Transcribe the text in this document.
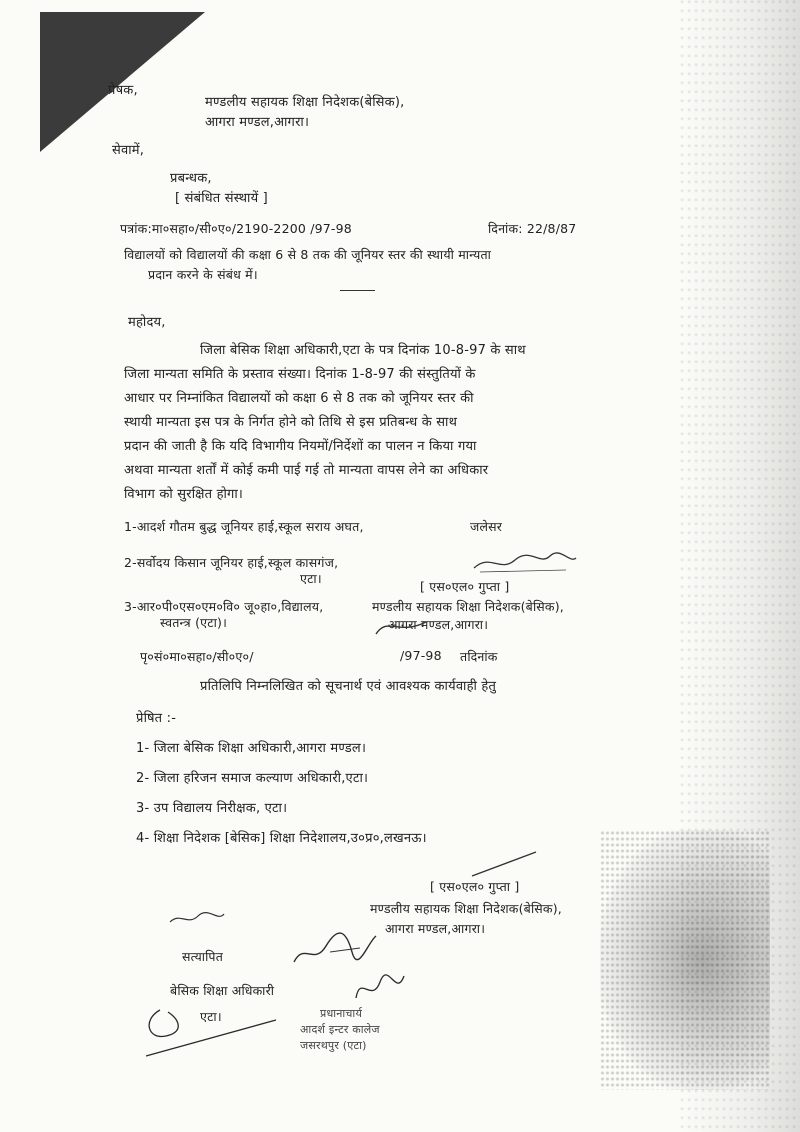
प्रेषक,
मण्डलीय सहायक शिक्षा निदेशक(बेसिक),
आगरा मण्डल,आगरा।
सेवामें,
प्रबन्धक,
[ संबंधित संस्थायें ]
पत्रांक:मा०सहा०/सी०ए०/2190-2200 /97-98	दिनांक: 22/8/87
विद्यालयों को विद्यालयों की कक्षा 6 से 8 तक की जूनियर स्तर की स्थायी मान्यता
प्रदान करने के संबंध में।
महोदय,
जिला बेसिक शिक्षा अधिकारी,एटा के पत्र दिनांक 10-8-97 के साथ
जिला मान्यता समिति के प्रस्ताव संख्या। दिनांक 1-8-97 की संस्तुतियों के
आधार पर निम्नांकित विद्यालयों को कक्षा 6 से 8 तक को जूनियर स्तर की
स्थायी मान्यता इस पत्र के निर्गत होने को तिथि से इस प्रतिबन्ध के साथ
प्रदान की जाती है कि यदि विभागीय नियमों/निर्देशों का पालन न किया गया
अथवा मान्यता शर्तों में कोई कमी पाई गई तो मान्यता वापस लेने का अधिकार
विभाग को सुरक्षित होगा।
1-आदर्श गौतम बुद्ध जूनियर हाई,स्कूल सराय अघत,	जलेसर
2-सर्वोदय किसान जूनियर हाई,स्कूल कासगंज,
एटा।
3-आर०पी०एस०एम०वि० जू०हा०,विद्यालय,
स्वतन्त्र (एटा)।
[ एस०एल० गुप्ता ]
मण्डलीय सहायक शिक्षा निदेशक(बेसिक),
आगरा मण्डल,आगरा।
पृ०सं०मा०सहा०/सी०ए०/	/97-98 तदिनांक
प्रतिलिपि निम्नलिखित को सूचनार्थ एवं आवश्यक कार्यवाही हेतु
प्रेषित :-
1- जिला बेसिक शिक्षा अधिकारी,आगरा मण्डल।
2- जिला हरिजन समाज कल्याण अधिकारी,एटा।
3- उप विद्यालय निरीक्षक, एटा।
4- शिक्षा निदेशक [बेसिक] शिक्षा निदेशालय,उ०प्र०,लखनऊ।
[ एस०एल० गुप्ता ]
मण्डलीय सहायक शिक्षा निदेशक(बेसिक),
आगरा मण्डल,आगरा।
सत्यापित
बेसिक शिक्षा अधिकारी
एटा।	प्रधानाचार्य
आदर्श इन्टर कालेज
जसरथपुर (एटा)
